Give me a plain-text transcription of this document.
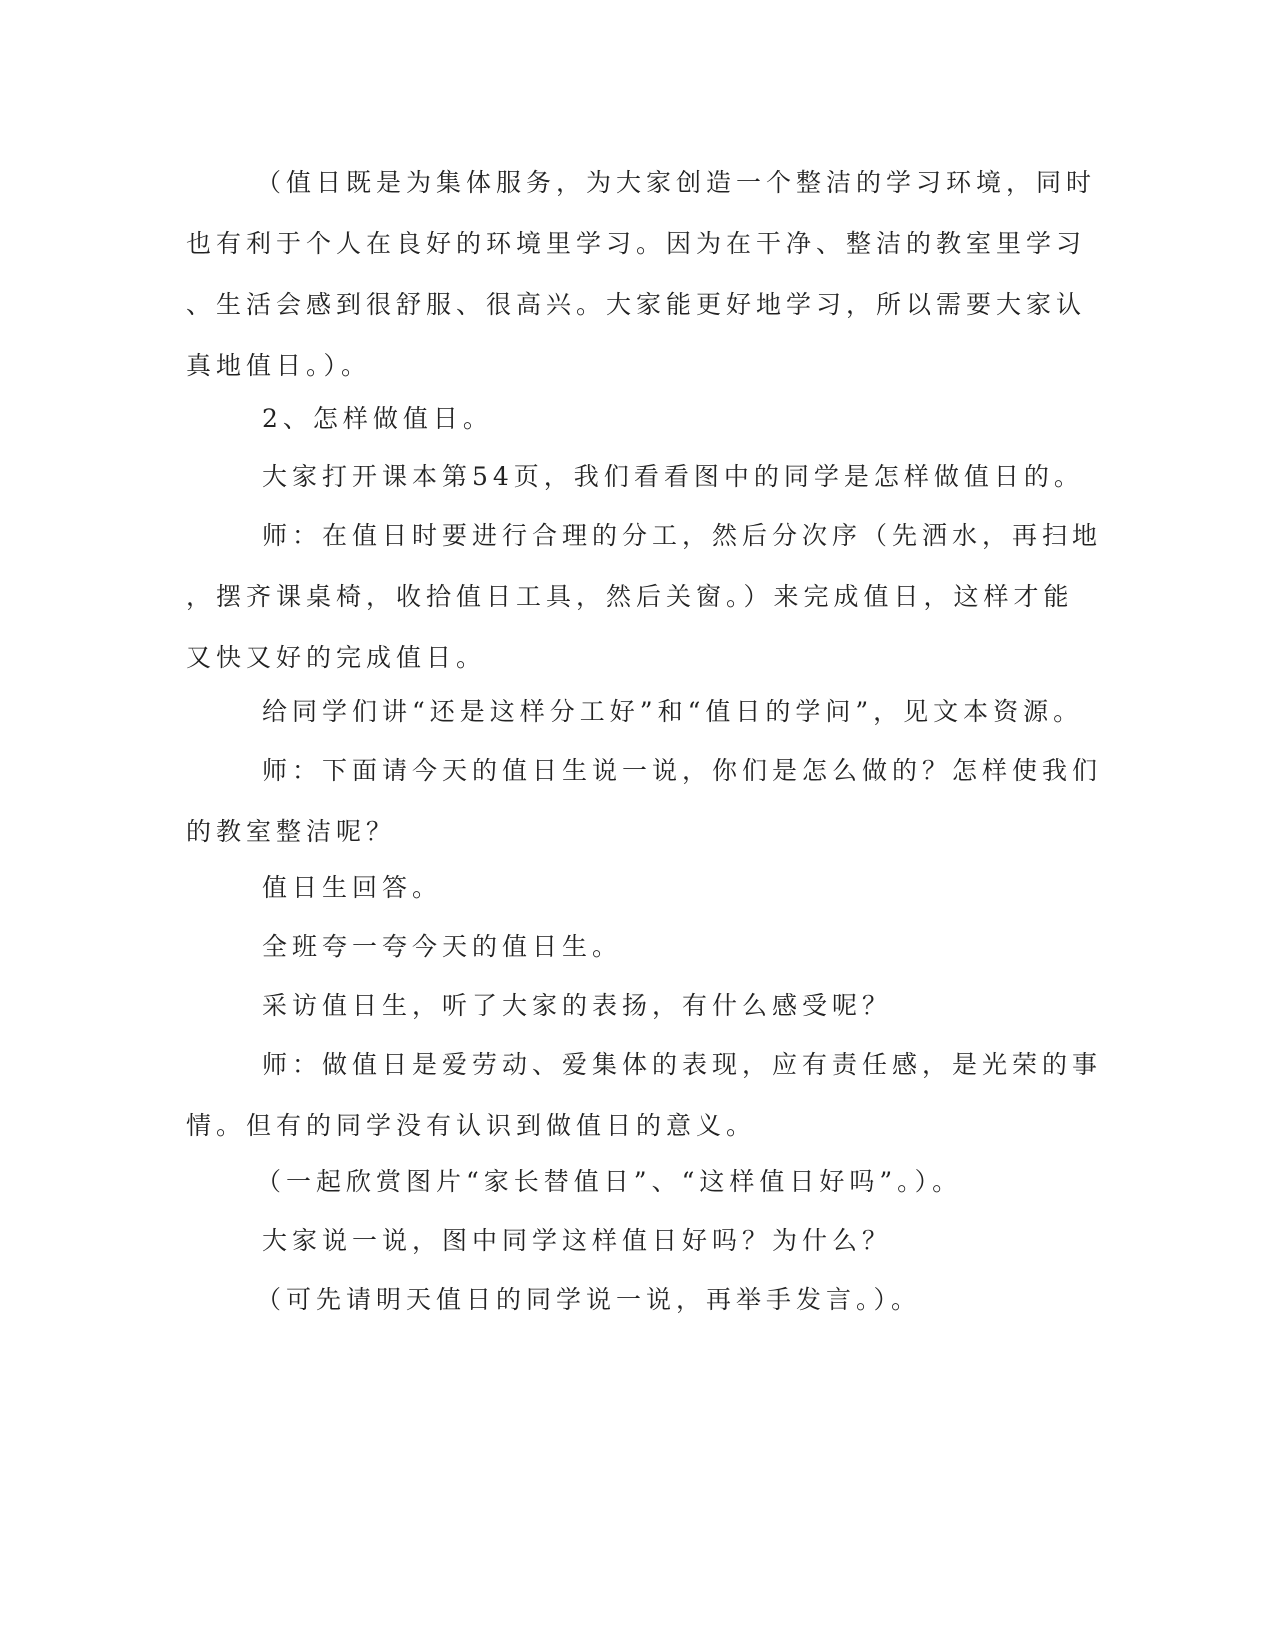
（值日既是为集体服务，为大家创造一个整洁的学习环境，同时
也有利于个人在良好的环境里学习。因为在干净、整洁的教室里学习
、生活会感到很舒服、很高兴。大家能更好地学习，所以需要大家认
真地值日。）。
2、怎样做值日。
大家打开课本第54页，我们看看图中的同学是怎样做值日的。
师：在值日时要进行合理的分工，然后分次序（先洒水，再扫地
，摆齐课桌椅，收拾值日工具，然后关窗。）来完成值日，这样才能
又快又好的完成值日。
给同学们讲“还是这样分工好”和“值日的学问”，见文本资源。
师：下面请今天的值日生说一说，你们是怎么做的？怎样使我们
的教室整洁呢？
值日生回答。
全班夸一夸今天的值日生。
采访值日生，听了大家的表扬，有什么感受呢？
师：做值日是爱劳动、爱集体的表现，应有责任感，是光荣的事
情。但有的同学没有认识到做值日的意义。
（一起欣赏图片“家长替值日”、“这样值日好吗”。）。
大家说一说，图中同学这样值日好吗？为什么？
（可先请明天值日的同学说一说，再举手发言。）。
